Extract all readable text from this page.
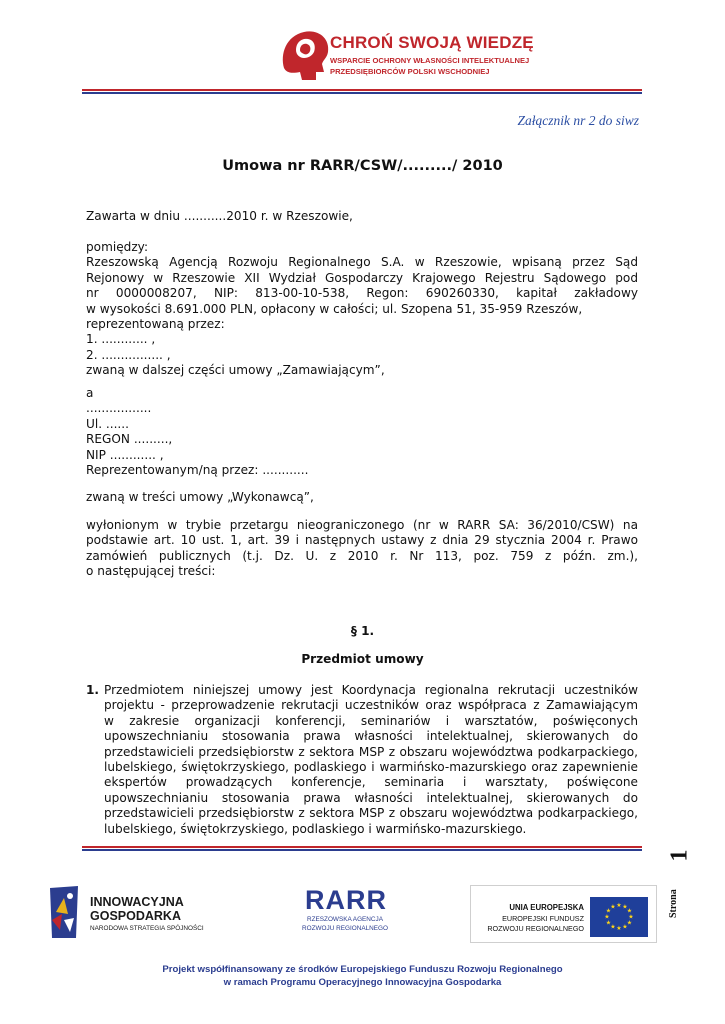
CHROŃ SWOJĄ WIEDZĘ
WSPARCIE OCHRONY WŁASNOŚCI INTELEKTUALNEJ
PRZEDSIĘBIORCÓW POLSKI WSCHODNIEJ
Załącznik nr 2 do siwz
Umowa nr RARR/CSW/........./ 2010
Zawarta w dniu ...........2010 r. w Rzeszowie,
pomiędzy:
Rzeszowską Agencją Rozwoju Regionalnego S.A. w Rzeszowie, wpisaną przez Sąd
Rejonowy w Rzeszowie XII Wydział Gospodarczy Krajowego Rejestru Sądowego pod
nr 0000008207, NIP: 813-00-10-538, Regon: 690260330, kapitał zakładowy
w wysokości 8.691.000 PLN, opłacony w całości; ul. Szopena 51, 35-959 Rzeszów,
reprezentowaną przez:
1. ............ ,
2. ................ ,
zwaną w dalszej części umowy „Zamawiającym”,
a
.................
Ul. ......
REGON .........,
NIP ............ ,
Reprezentowanym/ną przez: ............
zwaną w treści umowy „Wykonawcą”,
wyłonionym w trybie przetargu nieograniczonego (nr w RARR SA: 36/2010/CSW) na
podstawie art. 10 ust. 1, art. 39 i następnych ustawy z dnia 29 stycznia 2004 r. Prawo
zamówień publicznych (t.j. Dz. U. z 2010 r. Nr 113, poz. 759 z późn. zm.),
o następującej treści:
§ 1.
Przedmiot umowy
1. Przedmiotem niniejszej umowy jest Koordynacja regionalna rekrutacji uczestników
projektu - przeprowadzenie rekrutacji uczestników oraz współpraca z Zamawiającym
w zakresie organizacji konferencji, seminariów i warsztatów, poświęconych
upowszechnianiu stosowania prawa własności intelektualnej, skierowanych do
przedstawicieli przedsiębiorstw z sektora MSP z obszaru województwa podkarpackiego,
lubelskiego, świętokrzyskiego, podlaskiego i warmińsko-mazurskiego oraz zapewnienie
ekspertów prowadzących konferencje, seminaria i warsztaty, poświęcone
upowszechnianiu stosowania prawa własności intelektualnej, skierowanych do
przedstawicieli przedsiębiorstw z sektora MSP z obszaru województwa podkarpackiego,
lubelskiego, świętokrzyskiego, podlaskiego i warmińsko-mazurskiego.
1
Strona
INNOWACYJNA
GOSPODARKA
NARODOWA STRATEGIA SPÓJNOŚCI
RARR
RZESZOWSKA AGENCJA
ROZWOJU REGIONALNEGO
UNIA EUROPEJSKA
EUROPEJSKI FUNDUSZ
ROZWOJU REGIONALNEGO
★ ★
★
★
★
★
★
★
★
★
★
★
Projekt współfinansowany ze środków Europejskiego Funduszu Rozwoju Regionalnego
w ramach Programu Operacyjnego Innowacyjna Gospodarka
